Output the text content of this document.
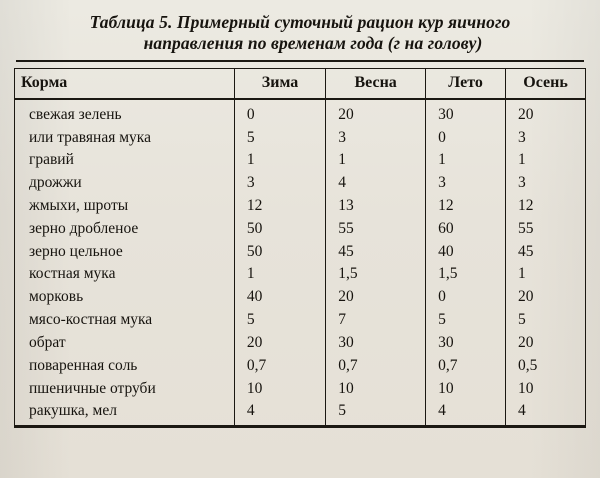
Таблица 5. Примерный суточный рацион кур яичного
направления по временам года (г на голову)
Корма	Зима	Весна	Лето	Осень
свежая зелень	0	20	30	20
или травяная мука	5	3	0	3
гравий	1	1	1	1
дрожжи	3	4	3	3
жмыхи, шроты	12	13	12	12
зерно дробленое	50	55	60	55
зерно цельное	50	45	40	45
костная мука	1	1,5	1,5	1
морковь	40	20	0	20
мясо-костная мука	5	7	5	5
обрат	20	30	30	20
поваренная соль	0,7	0,7	0,7	0,5
пшеничные отруби	10	10	10	10
ракушка, мел	4	5	4	4
